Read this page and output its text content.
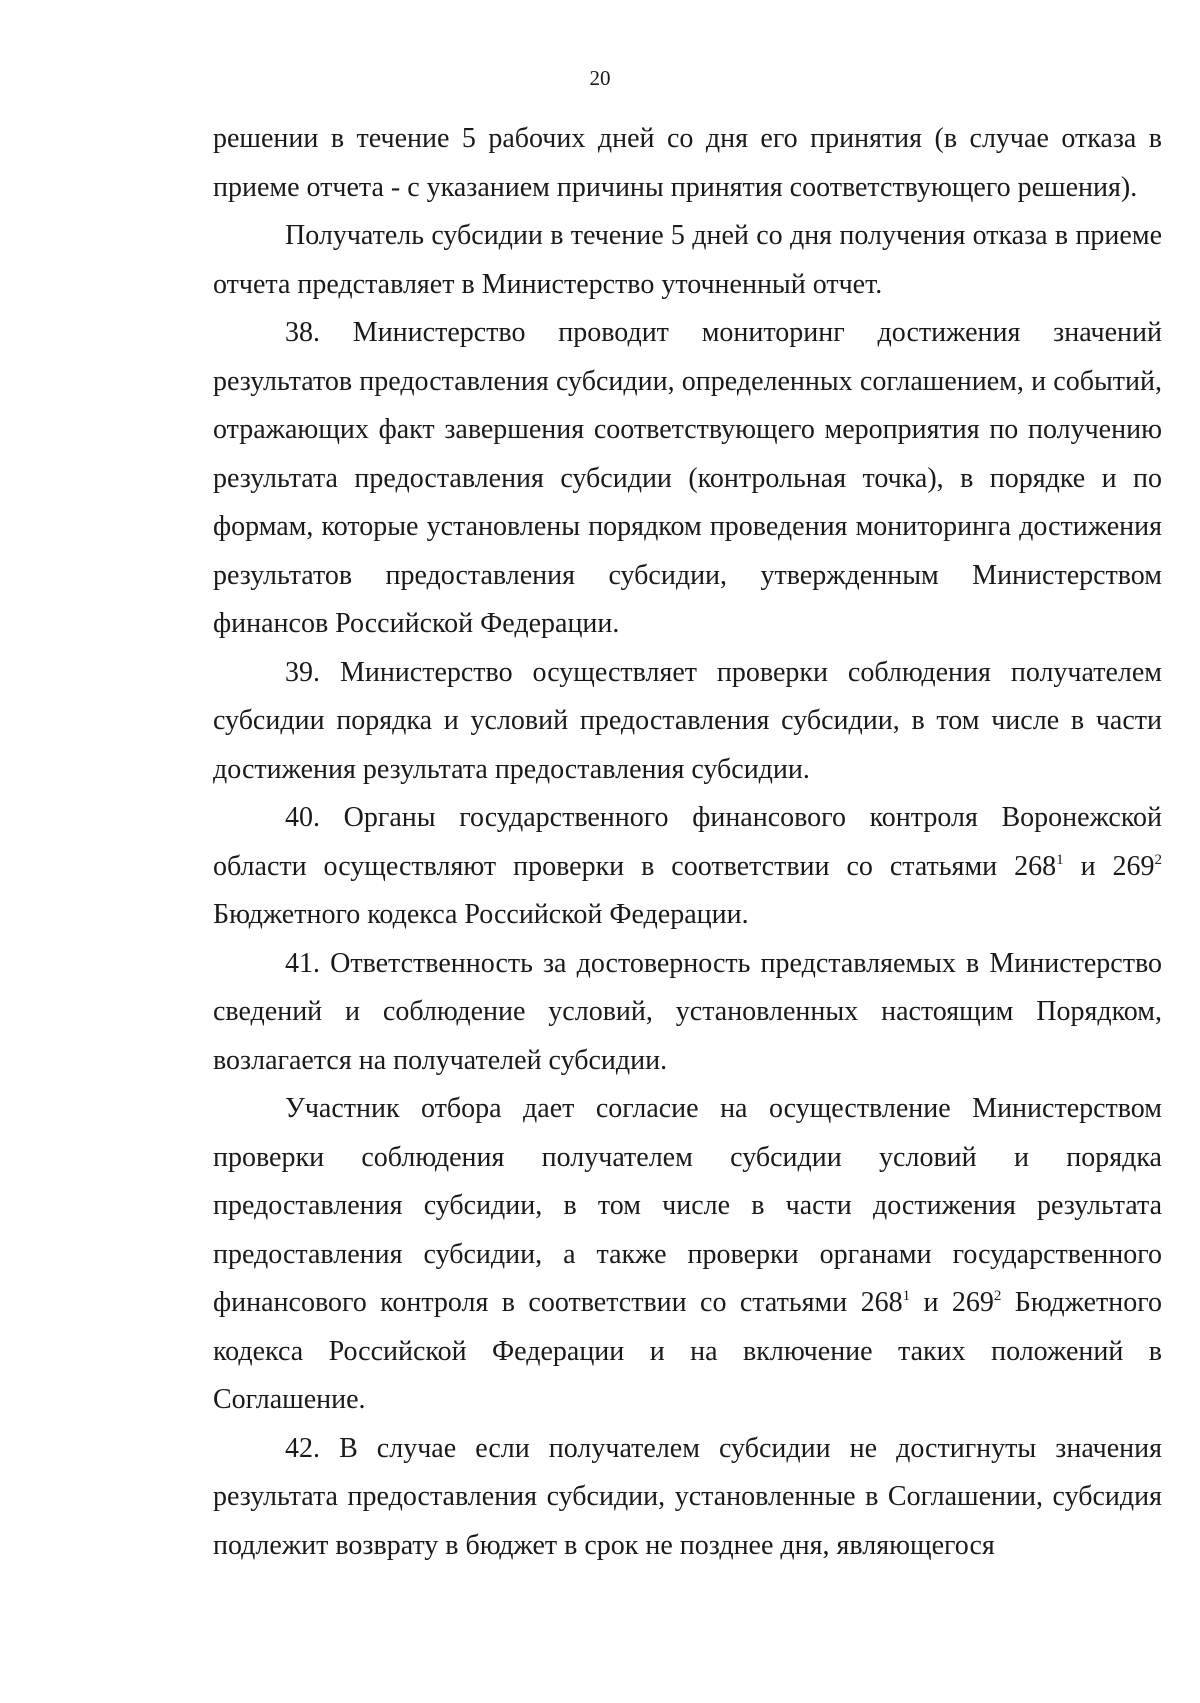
20

решении в течение 5 рабочих дней со дня его принятия (в случае отказа в приеме отчета - с указанием причины принятия соответствующего решения).

Получатель субсидии в течение 5 дней со дня получения отказа в приеме отчета представляет в Министерство уточненный отчет.

38. Министерство проводит мониторинг достижения значений результатов предоставления субсидии, определенных соглашением, и событий, отражающих факт завершения соответствующего мероприятия по получению результата предоставления субсидии (контрольная точка), в порядке и по формам, которые установлены порядком проведения мониторинга достижения результатов предоставления субсидии, утвержденным Министерством финансов Российской Федерации.

39. Министерство осуществляет проверки соблюдения получателем субсидии порядка и условий предоставления субсидии, в том числе в части достижения результата предоставления субсидии.

40. Органы государственного финансового контроля Воронежской области осуществляют проверки в соответствии со статьями $268^1$ и $269^2$ Бюджетного кодекса Российской Федерации.

41. Ответственность за достоверность представляемых в Министерство сведений и соблюдение условий, установленных настоящим Порядком, возлагается на получателей субсидии.

Участник отбора дает согласие на осуществление Министерством проверки соблюдения получателем субсидии условий и порядка предоставления субсидии, в том числе в части достижения результата предоставления субсидии, а также проверки органами государственного финансового контроля в соответствии со статьями $268^1$ и $269^2$ Бюджетного кодекса Российской Федерации и на включение таких положений в Соглашение.

42. В случае если получателем субсидии не достигнуты значения результата предоставления субсидии, установленные в Соглашении, субсидия подлежит возврату в бюджет в срок не позднее дня, являющегося
